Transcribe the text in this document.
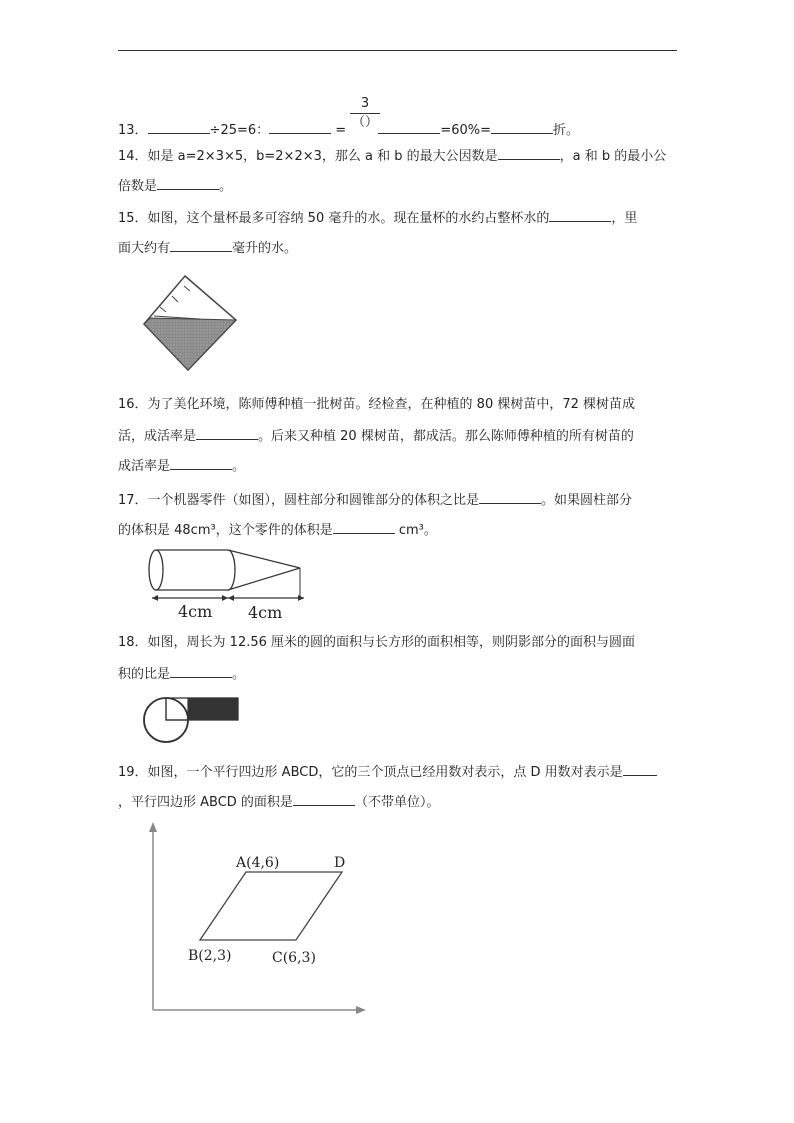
3
（）
13．	÷25=6：	=	=60%=	折。
14．如是 a=2×3×5，b=2×2×3，那么 a 和 b 的最大公因数是	，a 和 b 的最小公
倍数是	。
15．如图，这个量杯最多可容纳 50 毫升的水。现在量杯的水约占整杯水的	，里
面大约有	毫升的水。
16．为了美化环境，陈师傅种植一批树苗。经检查，在种植的 80 棵树苗中，72 棵树苗成
活，成活率是	。后来又种植 20 棵树苗，都成活。那么陈师傅种植的所有树苗的
成活率是	。
17．一个机器零件（如图），圆柱部分和圆锥部分的体积之比是	。如果圆柱部分
的体积是 48cm³，这个零件的体积是	cm³。
4cm 4cm
18．如图，周长为 12.56 厘米的圆的面积与长方形的面积相等，则阴影部分的面积与圆面
积的比是	。
19．如图，一个平行四边形 ABCD，它的三个顶点已经用数对表示，点 D 用数对表示是
，平行四边形 ABCD 的面积是	（不带单位）。
A(4,6)	D
B(2,3)	C(6,3)
